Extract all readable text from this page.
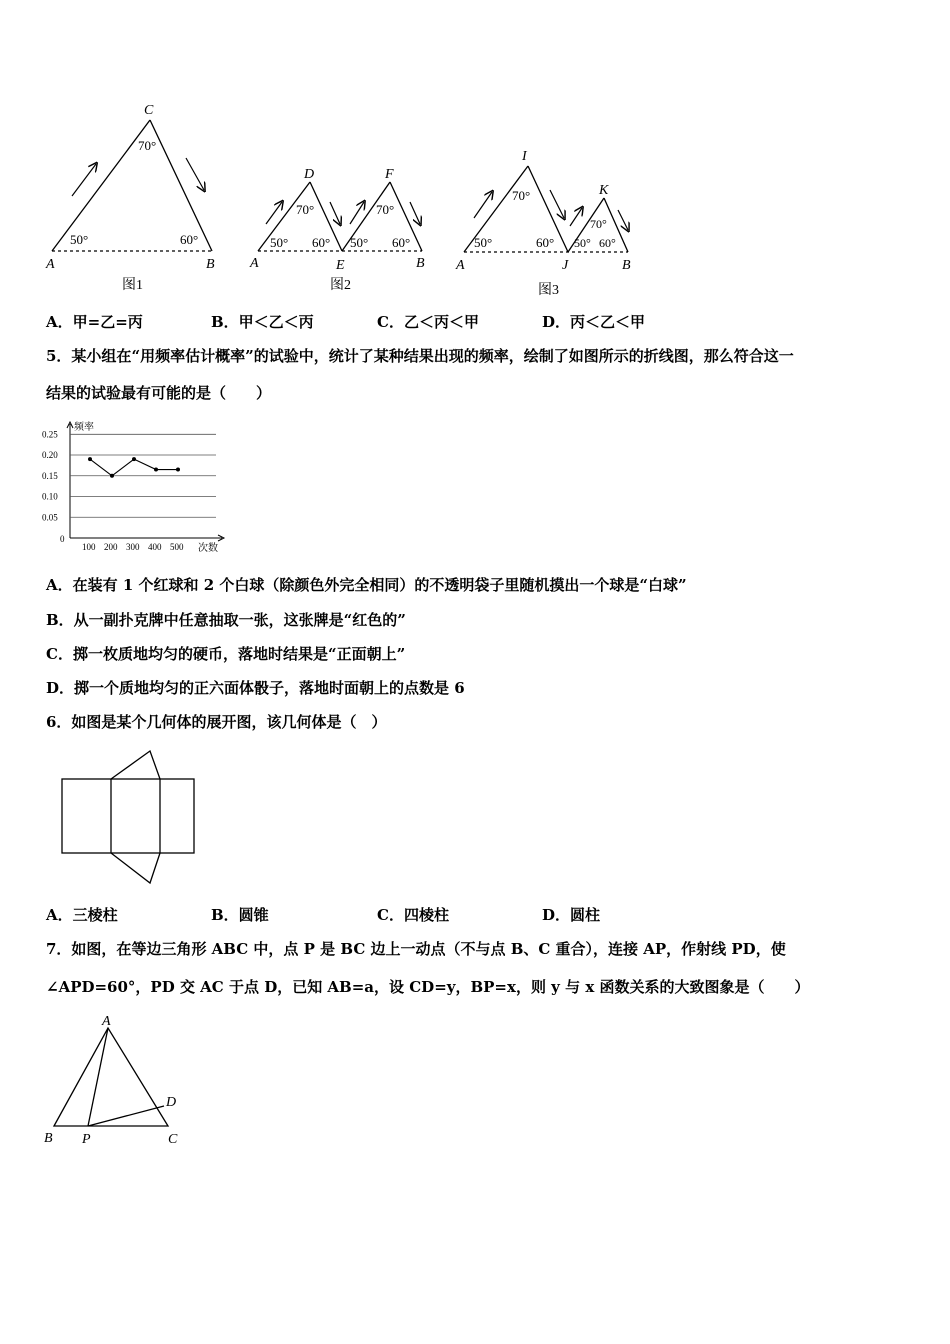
C
70°
50°	60°
A	B
图1
D	F
70°	70°
50° 60° 50° 60°
A	E	B
图2
I
K
70°
70°
50°	60° 50° 60°
A	J	B
图3
A．甲=乙=丙	B．甲＜乙＜丙	C．乙＜丙＜甲	D．丙＜乙＜甲
5．某小组在“用频率估计概率”的试验中，统计了某种结果出现的频率，绘制了如图所示的折线图，那么符合这一
结果的试验最有可能的是（　　）
0.25
0.20
0.15
0.10
0.05
0
频率
次数
100 200 300 400 500
A．在装有 1 个红球和 2 个白球（除颜色外完全相同）的不透明袋子里随机摸出一个球是“白球”
B．从一副扑克牌中任意抽取一张，这张牌是“红色的”
C．掷一枚质地均匀的硬币，落地时结果是“正面朝上”
D．掷一个质地均匀的正六面体骰子，落地时面朝上的点数是 6
6．如图是某个几何体的展开图，该几何体是（　）
A．三棱柱	B．圆锥	C．四棱柱	D．圆柱
7．如图，在等边三角形 ABC 中，点 P 是 BC 边上一动点（不与点 B、C 重合），连接 AP，作射线 PD，使
∠APD=60°，PD 交 AC 于点 D，已知 AB=a，设 CD=y，BP=x，则 y 与 x 函数关系的大致图象是（　　）
A
B P	C
D
